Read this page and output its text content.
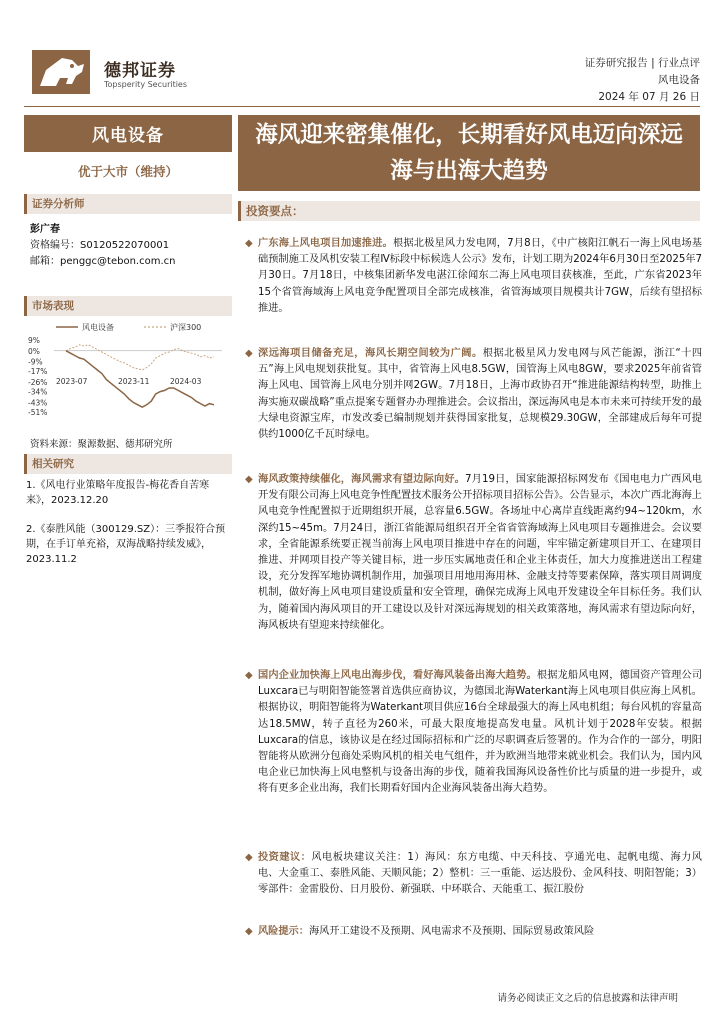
德邦证券
Topsperity Securities
证券研究报告 | 行业点评
风电设备
2024 年 07 月 26 日
风电设备
优于大市（维持）
证券分析师
彭广春
资格编号：S0120522070001
邮箱：penggc@tebon.com.cn
市场表现
风电设备	沪深300
9%
0%
-9%
-17%
-26%
-34%
-43%
-51%
2023-07	2023-11	2024-03
资料来源：聚源数据、德邦研究所
相关研究
1.《风电行业策略年度报告-梅花香自苦寒来》，2023.12.20
2.《泰胜风能（300129.SZ）：三季报符合预期，在手订单充裕，双海战略持续发威》，2023.11.2
海风迎来密集催化，长期看好风电迈向深远海与出海大趋势
投资要点：
◆ 广东海上风电项目加速推进。根据北极星风力发电网，7月8日，《中广核阳江帆石一海上风电场基础预制施工及风机安装工程Ⅳ标段中标候选人公示》发布，计划工期为2024年6月30日至2025年7月30日。7月18日，中核集团新华发电湛江徐闻东二海上风电项目获核准，至此，广东省2023年15个省管海域海上风电竞争配置项目全部完成核准，省管海域项目规模共计7GW，后续有望招标推进。
◆ 深远海项目储备充足，海风长期空间较为广阔。根据北极星风力发电网与风芒能源，浙江“十四五”海上风电规划获批复。其中，省管海上风电8.5GW，国管海上风电8GW，要求2025年前省管海上风电、国管海上风电分别并网2GW。7月18日，上海市政协召开“推进能源结构转型，助推上海实施双碳战略”重点提案专题督办办理推进会。会议指出，深远海风电是本市未来可持续开发的最大绿电资源宝库，市发改委已编制规划并获得国家批复，总规模29.30GW，全部建成后每年可提供约1000亿千瓦时绿电。
◆ 海风政策持续催化，海风需求有望边际向好。7月19日，国家能源招标网发布《国电电力广西风电开发有限公司海上风电竞争性配置技术服务公开招标项目招标公告》。公告显示，本次广西北海海上风电竞争性配置拟于近期组织开展，总容量6.5GW。各场址中心离岸直线距离约94~120km，水深约15~45m。7月24日，浙江省能源局组织召开全省省管海域海上风电项目专题推进会。会议要求，全省能源系统要正视当前海上风电项目推进中存在的问题，牢牢锚定新建项目开工、在建项目推进、并网项目投产等关键目标，进一步压实属地责任和企业主体责任，加大力度推进送出工程建设，充分发挥军地协调机制作用，加强项目用地用海用林、金融支持等要素保障，落实项目周调度机制，做好海上风电项目建设质量和安全管理，确保完成海上风电开发建设全年目标任务。我们认为，随着国内海风项目的开工建设以及针对深远海规划的相关政策落地，海风需求有望边际向好，海风板块有望迎来持续催化。
◆ 国内企业加快海上风电出海步伐，看好海风装备出海大趋势。根据龙船风电网，德国资产管理公司Luxcara已与明阳智能签署首选供应商协议，为德国北海Waterkant海上风电项目供应海上风机。根据协议，明阳智能将为Waterkant项目供应16台全球最强大的海上风电机组；每台风机的容量高达18.5MW，转子直径为260米，可最大限度地提高发电量。风机计划于2028年安装。根据Luxcara的信息，该协议是在经过国际招标和广泛的尽职调查后签署的。作为合作的一部分，明阳智能将从欧洲分包商处采购风机的相关电气组件，并为欧洲当地带来就业机会。我们认为，国内风电企业已加快海上风电整机与设备出海的步伐，随着我国海风设备性价比与质量的进一步提升，或将有更多企业出海，我们长期看好国内企业海风装备出海大趋势。
◆ 投资建议：风电板块建议关注：1）海风：东方电缆、中天科技、亨通光电、起帆电缆、海力风电、大金重工、泰胜风能、天顺风能；2）整机：三一重能、运达股份、金风科技、明阳智能；3）零部件：金雷股份、日月股份、新强联、中环联合、天能重工、振江股份
◆ 风险提示：海风开工建设不及预期、风电需求不及预期、国际贸易政策风险
请务必阅读正文之后的信息披露和法律声明
